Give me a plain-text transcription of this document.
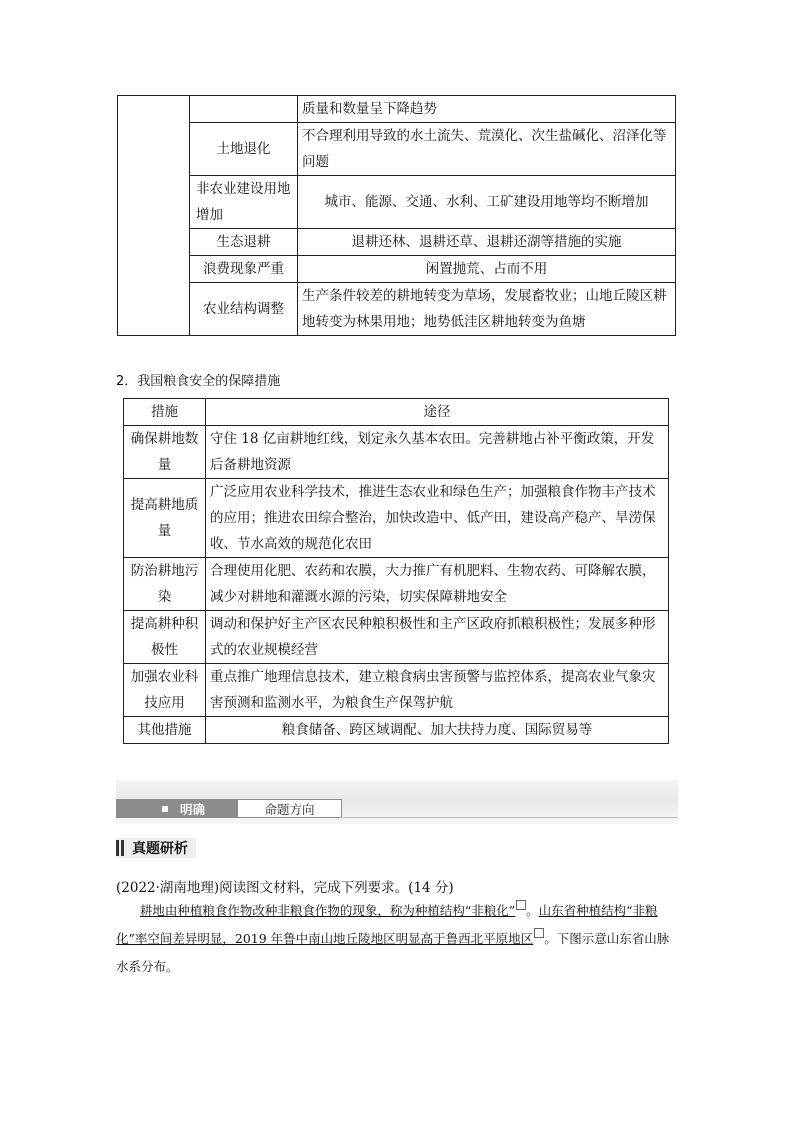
		质量和数量呈下降趋势
	土地退化	不合理利用导致的水土流失、荒漠化、次生盐碱化、沼泽化等问题
	非农业建设用地增加	城市、能源、交通、水利、工矿建设用地等均不断增加
	生态退耕	退耕还林、退耕还草、退耕还湖等措施的实施
	浪费现象严重	闲置抛荒、占而不用
	农业结构调整	生产条件较差的耕地转变为草场，发展畜牧业；山地丘陵区耕地转变为林果用地；地势低洼区耕地转变为鱼塘
2．我国粮食安全的保障措施
措施	途径
确保耕地数量	守住 18 亿亩耕地红线，划定永久基本农田。完善耕地占补平衡政策，开发后备耕地资源
提高耕地质量	广泛应用农业科学技术，推进生态农业和绿色生产；加强粮食作物丰产技术的应用；推进农田综合整治，加快改造中、低产田，建设高产稳产、旱涝保收、节水高效的规范化农田
防治耕地污染	合理使用化肥、农药和农膜，大力推广有机肥料、生物农药、可降解农膜，减少对耕地和灌溉水源的污染，切实保障耕地安全
提高耕种积极性	调动和保护好主产区农民种粮积极性和主产区政府抓粮积极性；发展多种形式的农业规模经营
加强农业科技应用	重点推广地理信息技术，建立粮食病虫害预警与监控体系，提高农业气象灾害预测和监测水平，为粮食生产保驾护航
其他措施	粮食储备、跨区域调配、加大扶持力度、国际贸易等
明确	命题方向
真题研析
(2022·湖南地理)阅读图文材料，完成下列要求。(14 分)
耕地由种植粮食作物改种非粮食作物的现象，称为种植结构“非粮化” 。山东省种植结构“非粮化”率空间差异明显，2019 年鲁中南山地丘陵地区明显高于鲁西北平原地区 。下图示意山东省山脉水系分布。
